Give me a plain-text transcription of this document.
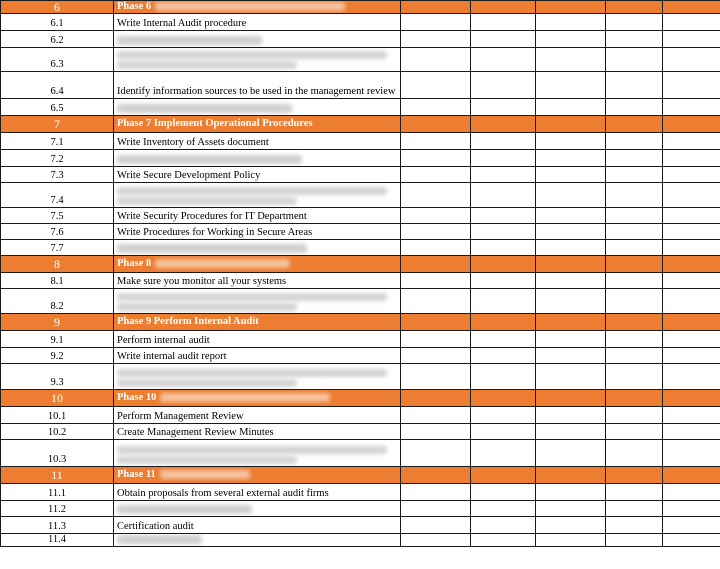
6	Phase 6						
6.1	Write Internal Audit procedure						
6.2							
6.3	

6.4	Identify information sources to be used in the management review						
6.5							
7	Phase 7 Implement Operational Procedures						
7.1	Write Inventory of Assets document						
7.2							
7.3	Write Secure Development Policy						
7.4	

7.5	Write Security Procedures for IT Department						
7.6	Write Procedures for Working in Secure Areas						
7.7							
8	Phase 8						
8.1	Make sure you monitor all your systems						
8.2	

9	Phase 9 Perform Internal Audit						
9.1	Perform internal audit						
9.2	Write internal audit report						
9.3	

10	Phase 10						
10.1	Perform Management Review						
10.2	Create Management Review Minutes						
10.3	

11	Phase 11						
11.1	Obtain proposals from several external audit firms						
11.2							
11.3	Certification audit						
11.4							
